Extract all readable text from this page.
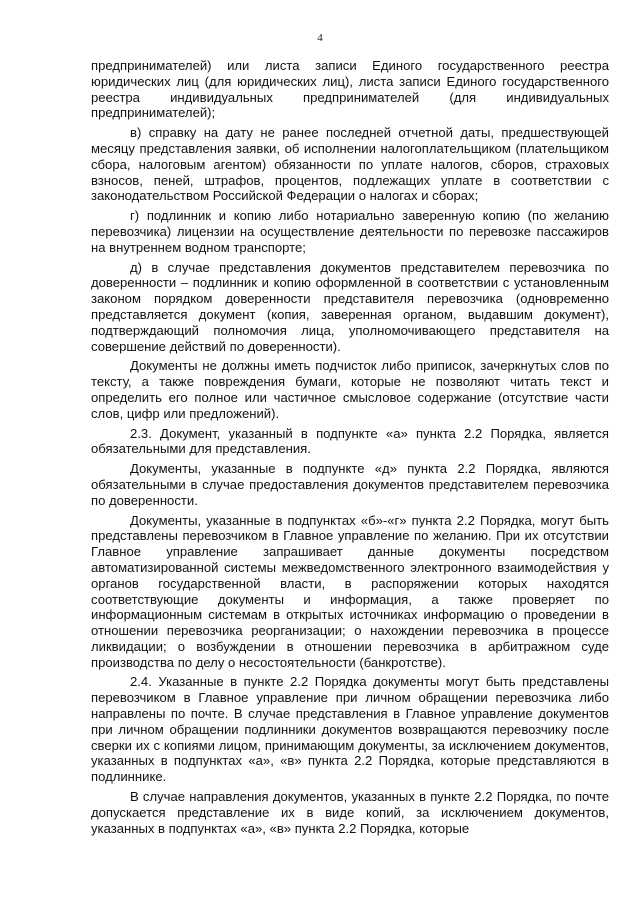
4

предпринимателей) или листа записи Единого государственного реестра юридических лиц (для юридических лиц), листа записи Единого государственного реестра индивидуальных предпринимателей (для индивидуальных предпринимателей);

в) справку на дату не ранее последней отчетной даты, предшествующей месяцу представления заявки, об исполнении налогоплательщиком (плательщиком сбора, налоговым агентом) обязанности по уплате налогов, сборов, страховых взносов, пеней, штрафов, процентов, подлежащих уплате в соответствии с законодательством Российской Федерации о налогах и сборах;

г) подлинник и копию либо нотариально заверенную копию (по желанию перевозчика) лицензии на осуществление деятельности по перевозке пассажиров на внутреннем водном транспорте;

д) в случае представления документов представителем перевозчика по доверенности – подлинник и копию оформленной в соответствии с установленным законом порядком доверенности представителя перевозчика (одновременно представляется документ (копия, заверенная органом, выдавшим документ), подтверждающий полномочия лица, уполномочивающего представителя на совершение действий по доверенности).

Документы не должны иметь подчисток либо приписок, зачеркнутых слов по тексту, а также повреждения бумаги, которые не позволяют читать текст и определить его полное или частичное смысловое содержание (отсутствие части слов, цифр или предложений).

2.3. Документ, указанный в подпункте «а» пункта 2.2 Порядка, является обязательными для представления.

Документы, указанные в подпункте «д» пункта 2.2 Порядка, являются обязательными в случае предоставления документов представителем перевозчика по доверенности.

Документы, указанные в подпунктах «б»-«г» пункта 2.2 Порядка, могут быть представлены перевозчиком в Главное управление по желанию. При их отсутствии Главное управление запрашивает данные документы посредством автоматизированной системы межведомственного электронного взаимодействия у органов государственной власти, в распоряжении которых находятся соответствующие документы и информация, а также проверяет по информационным системам в открытых источниках информацию о проведении в отношении перевозчика реорганизации; о нахождении перевозчика в процессе ликвидации; о возбуждении в отношении перевозчика в арбитражном суде производства по делу о несостоятельности (банкротстве).

2.4. Указанные в пункте 2.2 Порядка документы могут быть представлены перевозчиком в Главное управление при личном обращении перевозчика либо направлены по почте. В случае представления в Главное управление документов при личном обращении подлинники документов возвращаются перевозчику после сверки их с копиями лицом, принимающим документы, за исключением документов, указанных в подпунктах «а», «в» пункта 2.2 Порядка, которые представляются в подлиннике.

В случае направления документов, указанных в пункте 2.2 Порядка, по почте допускается представление их в виде копий, за исключением документов, указанных в подпунктах «а», «в» пункта 2.2 Порядка, которые
